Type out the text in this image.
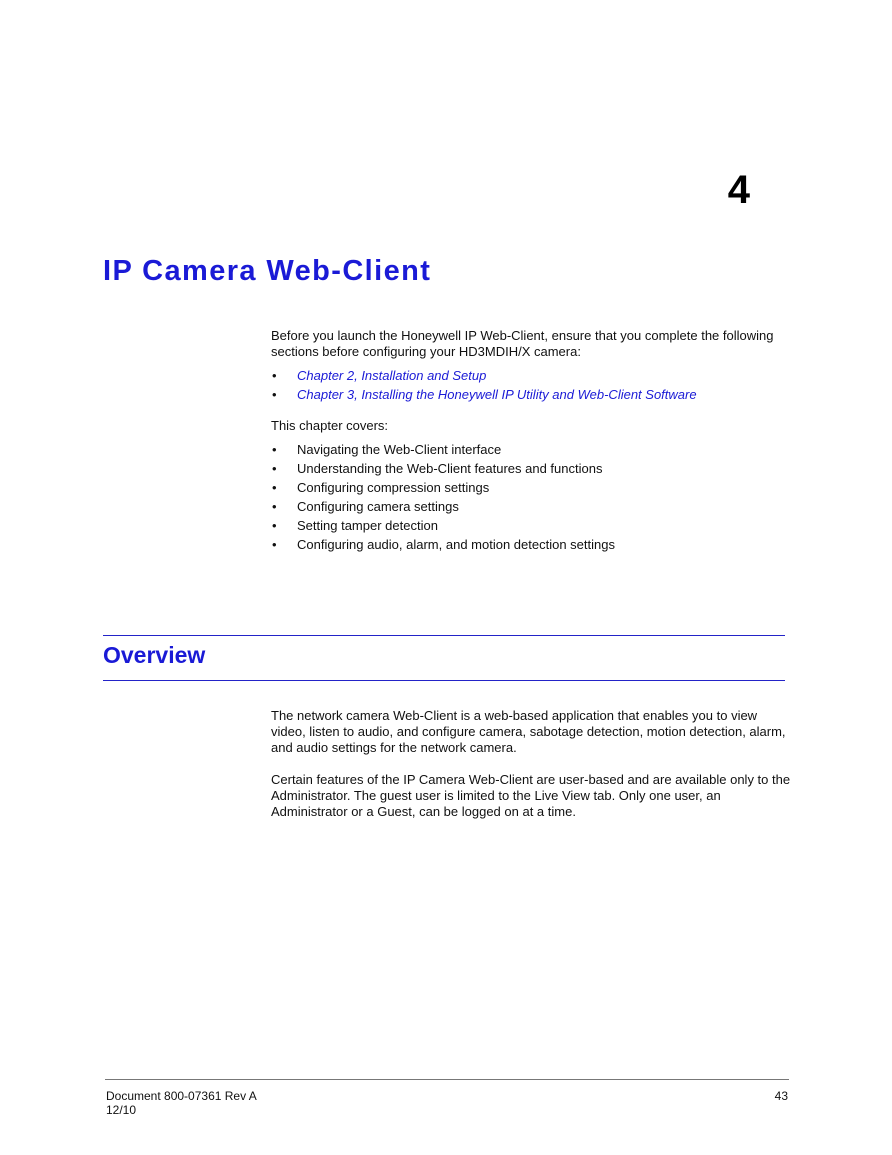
4
IP Camera Web-Client

Before you launch the Honeywell IP Web-Client, ensure that you complete the following sections before configuring your HD3MDIH/X camera:

• Chapter 2, Installation and Setup
• Chapter 3, Installing the Honeywell IP Utility and Web-Client Software

This chapter covers:

• Navigating the Web-Client interface
• Understanding the Web-Client features and functions
• Configuring compression settings
• Configuring camera settings
• Setting tamper detection
• Configuring audio, alarm, and motion detection settings
Overview

The network camera Web-Client is a web-based application that enables you to view video, listen to audio, and configure camera, sabotage detection, motion detection, alarm, and audio settings for the network camera.

Certain features of the IP Camera Web-Client are user-based and are available only to the Administrator. The guest user is limited to the Live View tab. Only one user, an Administrator or a Guest, can be logged on at a time.

Document 800-07361 Rev A
12/10
43
